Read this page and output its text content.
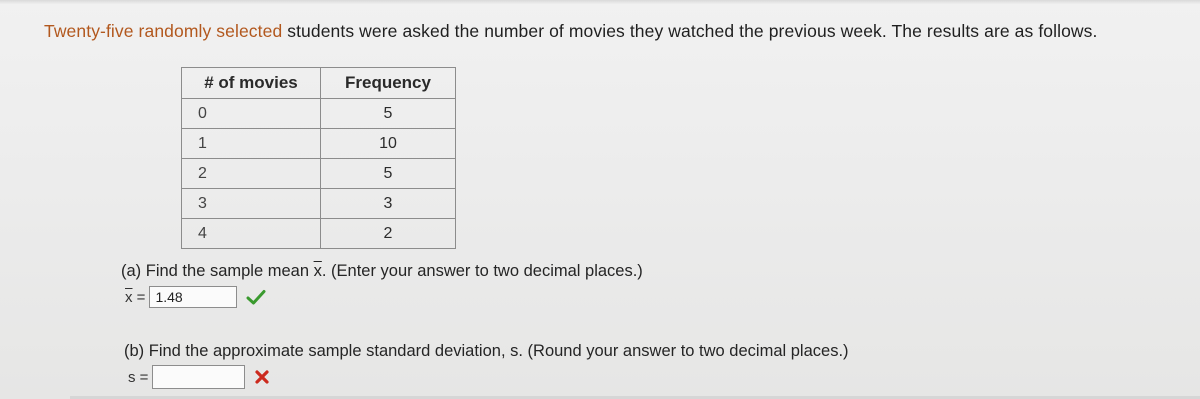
Twenty-five randomly selected students were asked the number of movies they watched the previous week. The results are as follows.
# of movies	Frequency
0	5
1	10
2	5
3	3
4	2
(a) Find the sample mean $\overline{x}$. (Enter your answer to two decimal places.)
$\overline{x}$ =
1.48
(b) Find the approximate sample standard deviation, s. (Round your answer to two decimal places.)
s =
